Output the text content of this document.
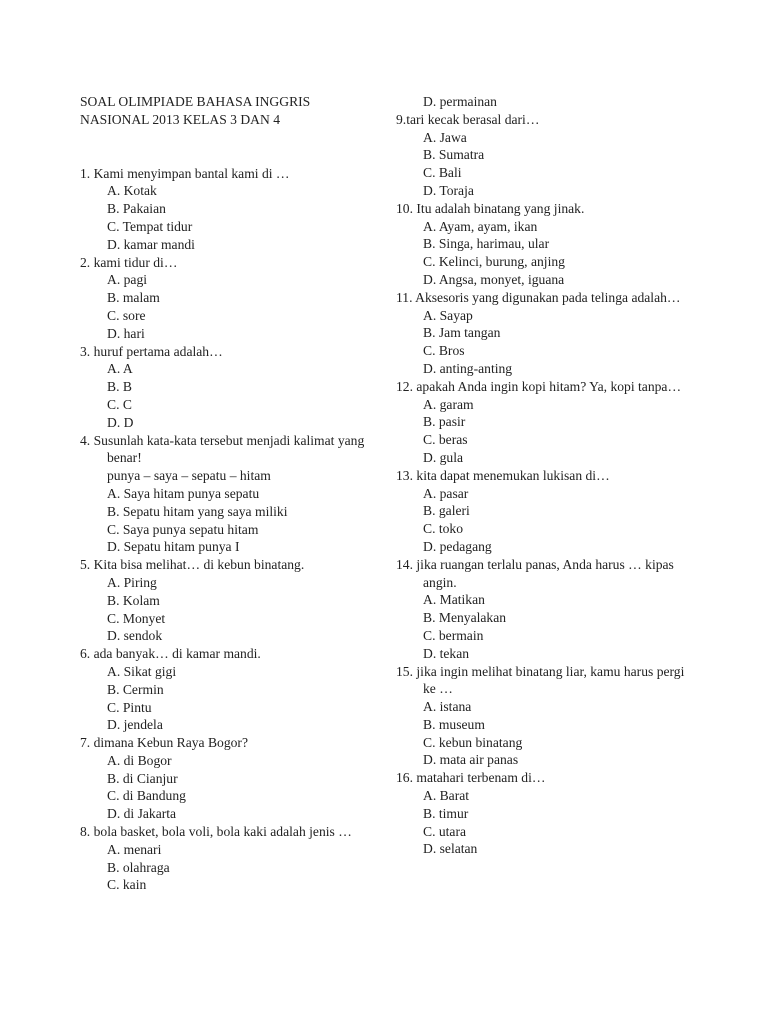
SOAL OLIMPIADE BAHASA INGGRIS
NASIONAL 2013 KELAS 3 DAN 4
1. Kami menyimpan bantal kami di …
A. Kotak
B. Pakaian
C. Tempat tidur
D. kamar mandi
2. kami tidur di…
A. pagi
B. malam
C. sore
D. hari
3. huruf pertama adalah…
A. A
B. B
C. C
D. D
4. Susunlah kata-kata tersebut menjadi kalimat yang benar!
punya – saya – sepatu – hitam
A. Saya hitam punya sepatu
B. Sepatu hitam yang saya miliki
C. Saya punya sepatu hitam
D. Sepatu hitam punya I
5. Kita bisa melihat… di kebun binatang.
A. Piring
B. Kolam
C. Monyet
D. sendok
6. ada banyak… di kamar mandi.
A. Sikat gigi
B. Cermin
C. Pintu
D. jendela
7. dimana Kebun Raya Bogor?
A. di Bogor
B. di Cianjur
C. di Bandung
D. di Jakarta
8. bola basket, bola voli, bola kaki adalah jenis …
A. menari
B. olahraga
C. kain
D. permainan
9.tari kecak berasal dari…
A. Jawa
B. Sumatra
C. Bali
D. Toraja
10. Itu adalah binatang yang jinak.
A. Ayam, ayam, ikan
B. Singa, harimau, ular
C. Kelinci, burung, anjing
D. Angsa, monyet, iguana
11. Aksesoris yang digunakan pada telinga adalah…
A. Sayap
B. Jam tangan
C. Bros
D. anting-anting
12. apakah Anda ingin kopi hitam? Ya, kopi tanpa…
A. garam
B. pasir
C. beras
D. gula
13. kita dapat menemukan lukisan di…
A. pasar
B. galeri
C. toko
D. pedagang
14. jika ruangan terlalu panas, Anda harus … kipas angin.
A. Matikan
B. Menyalakan
C. bermain
D. tekan
15. jika ingin melihat binatang liar, kamu harus pergi ke …
A. istana
B. museum
C. kebun binatang
D. mata air panas
16. matahari terbenam di…
A. Barat
B. timur
C. utara
D. selatan
